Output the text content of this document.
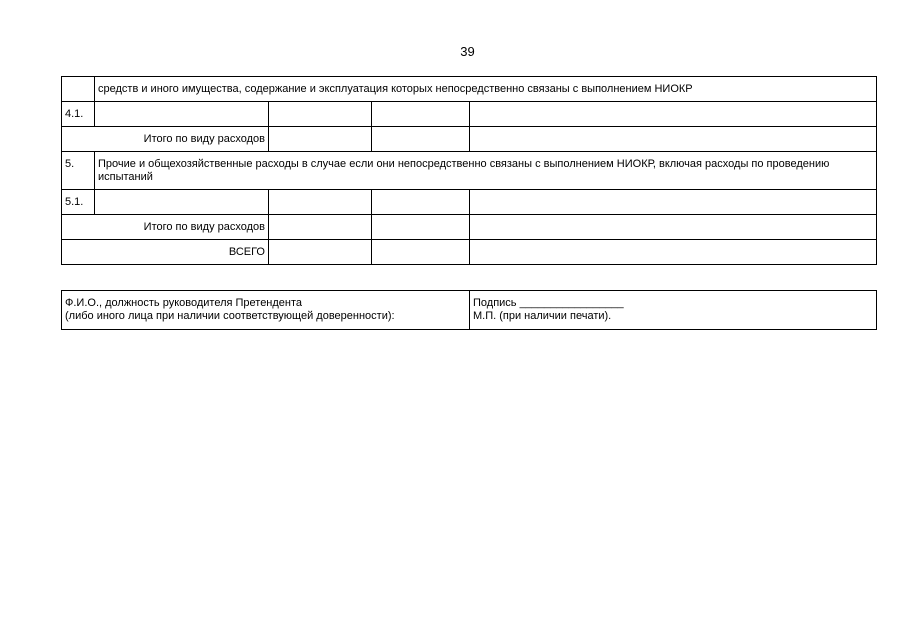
39
	средств и иного имущества, содержание и эксплуатация которых непосредственно связаны с выполнением НИОКР			
4.1.				
Итого по виду расходов				
5.	Прочие и общехозяйственные расходы в случае если они непосредственно связаны с выполнением НИОКР, включая расходы по проведению испытаний			
5.1.				
Итого по виду расходов				
ВСЕГО				
Ф.И.О., должность руководителя Претендента
(либо иного лица при наличии соответствующей доверенности):

Подпись _________________
М.П. (при наличии печати).
